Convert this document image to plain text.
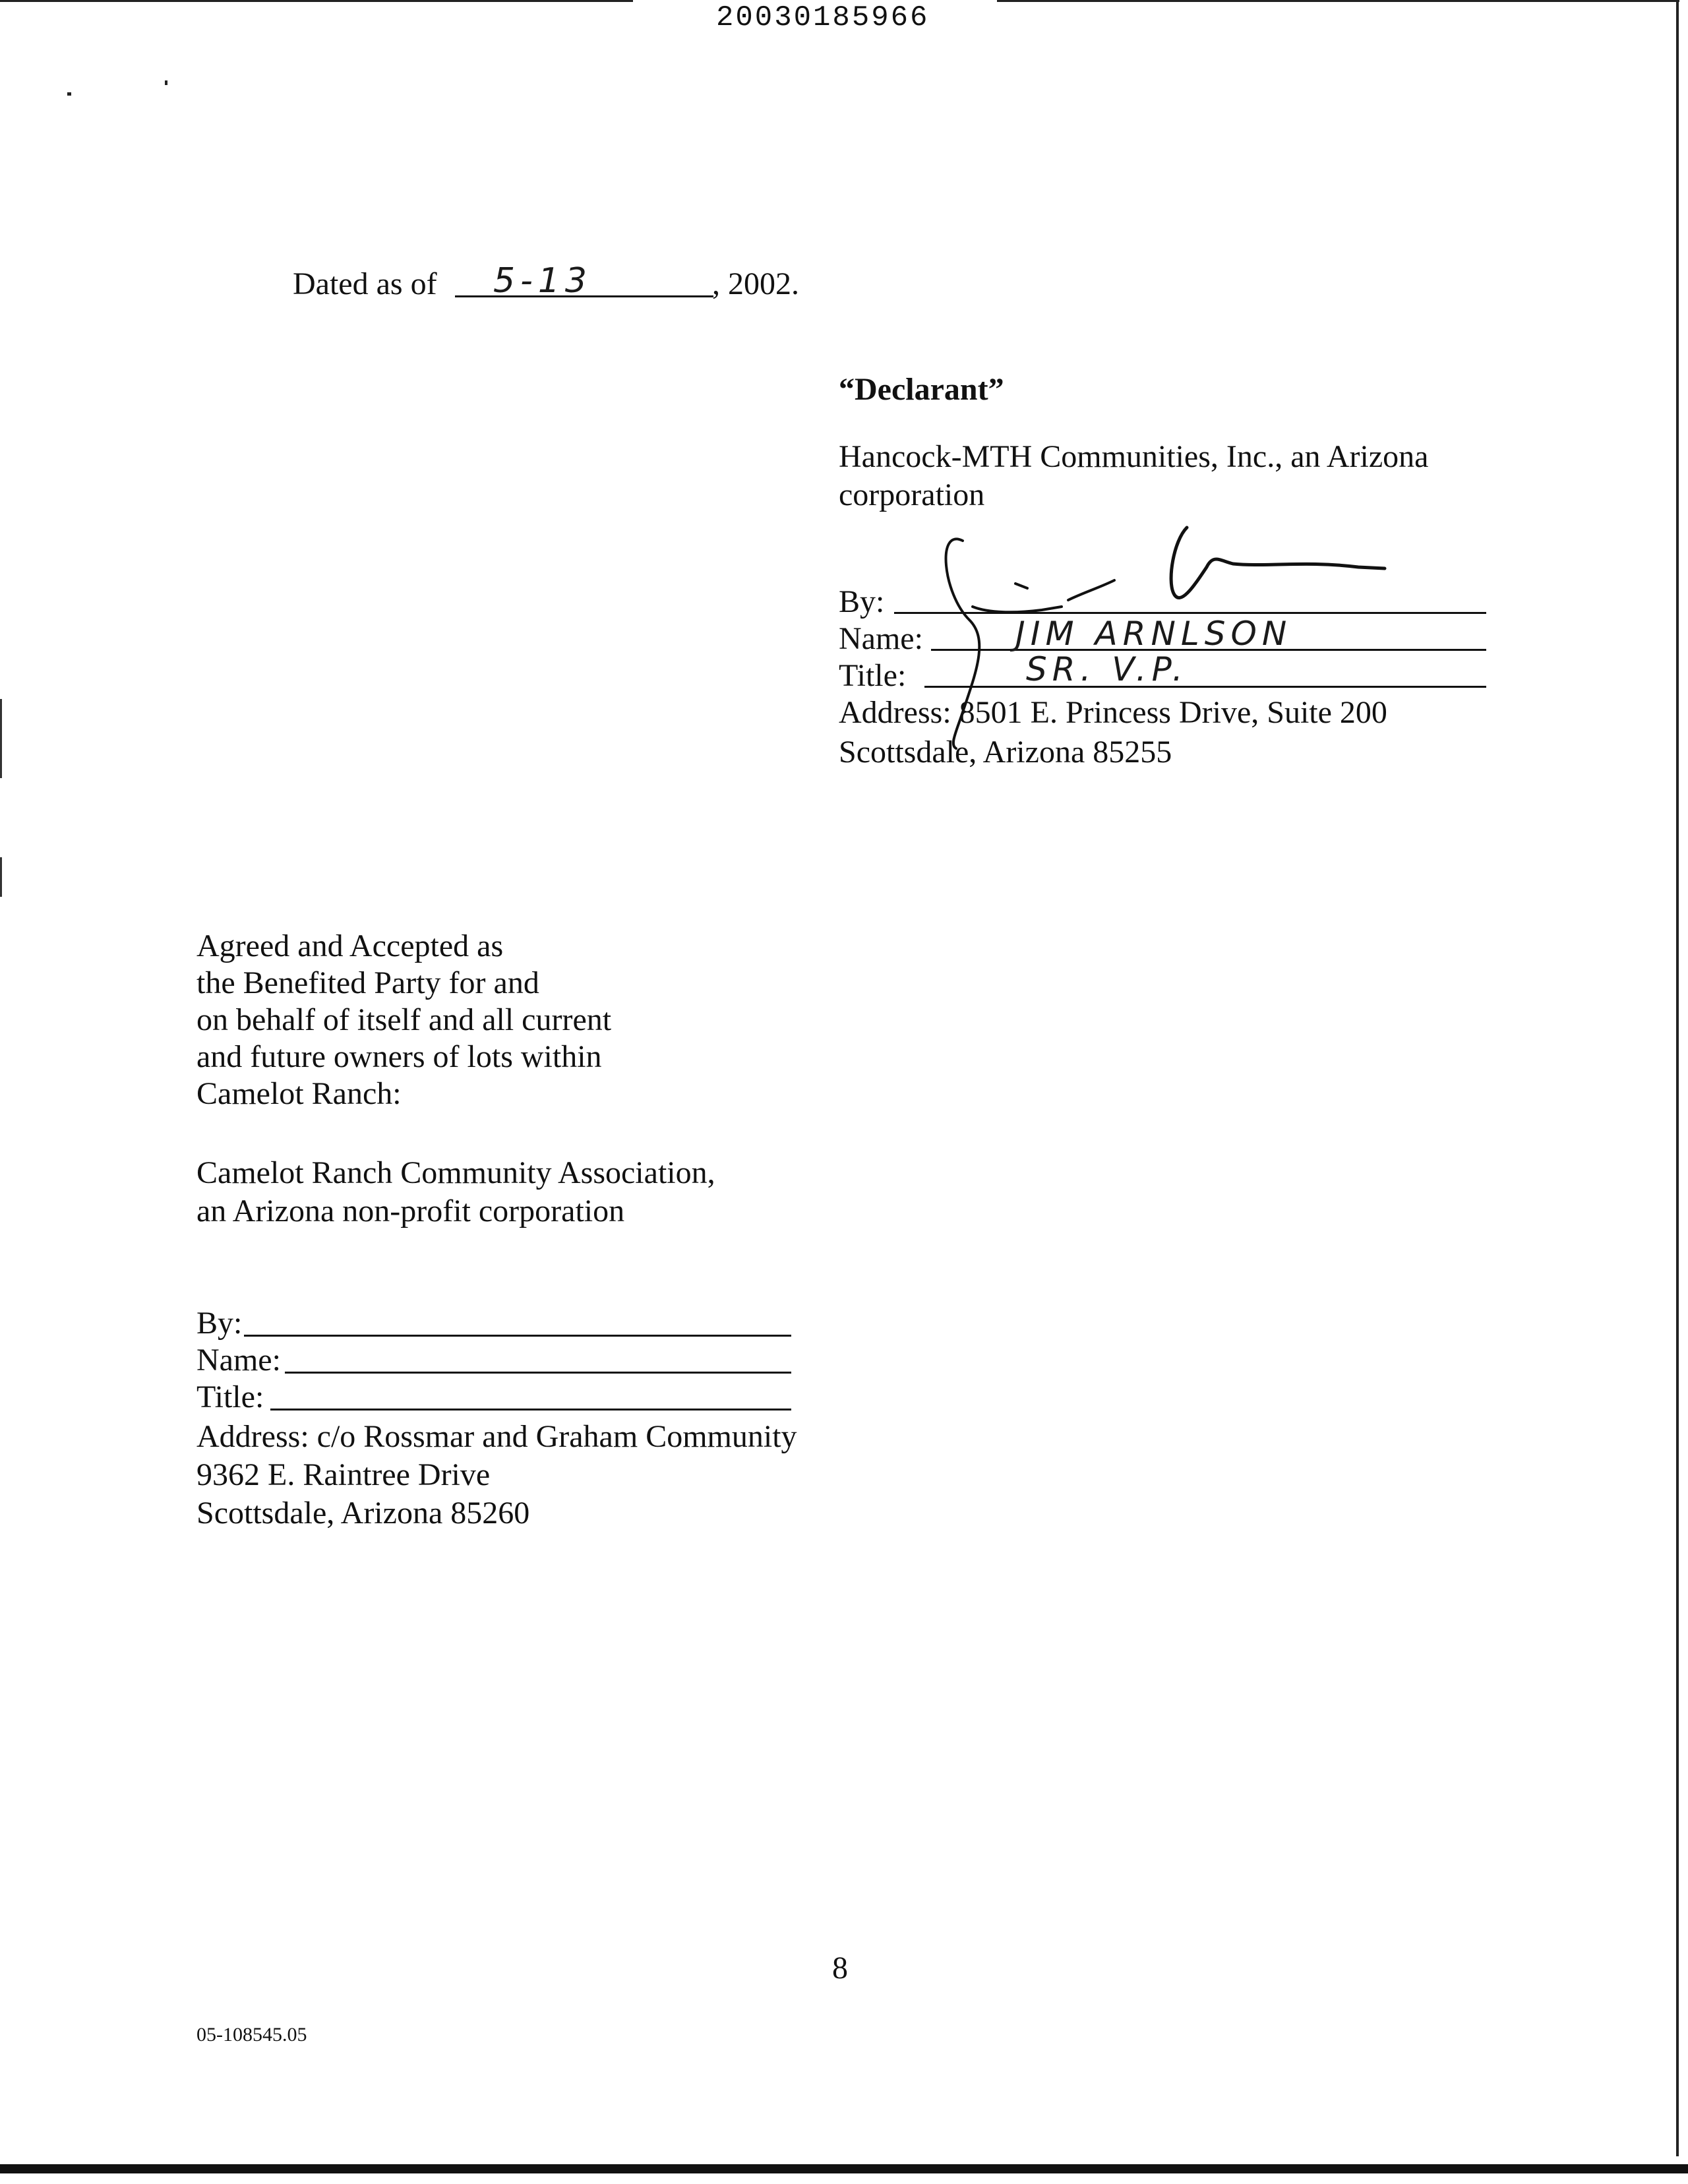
20030185966
Dated as of 5-13	, 2002.
“Declarant”
Hancock-MTH Communities, Inc., an Arizona
corporation
By:
Name:
Title:
JIM ARNLSON
SR. V.P.
Address: 8501 E. Princess Drive, Suite 200
Scottsdale, Arizona 85255
Agreed and Accepted as
the Benefited Party for and
on behalf of itself and all current
and future owners of lots within
Camelot Ranch:
Camelot Ranch Community Association,
an Arizona non-profit corporation
By:
Name:
Title:
Address: c/o Rossmar and Graham Community
9362 E. Raintree Drive
Scottsdale, Arizona 85260
8
05-108545.05
